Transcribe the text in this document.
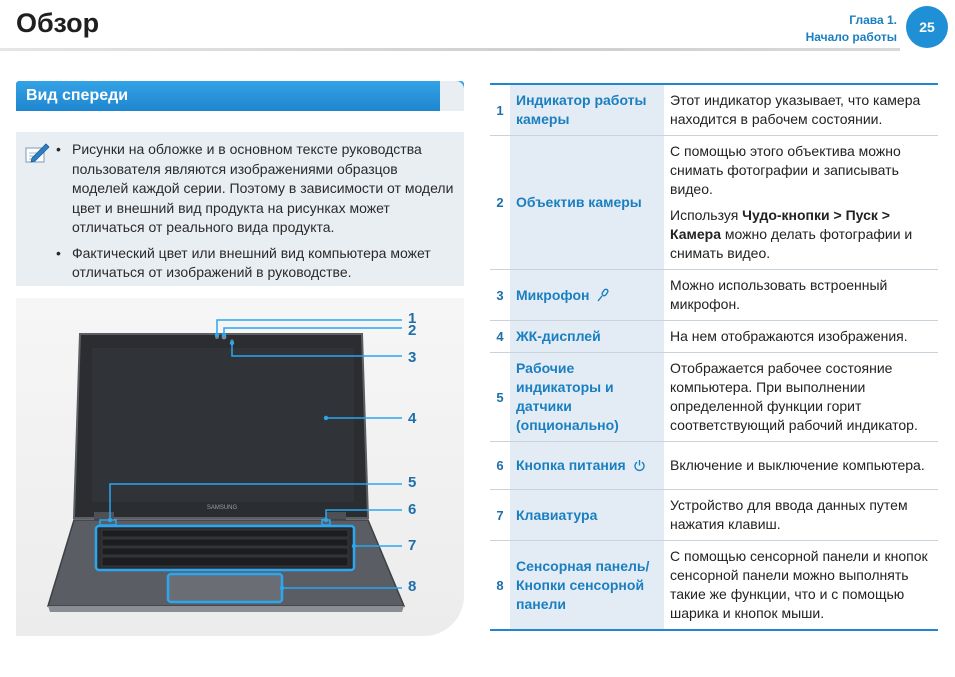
Обзор	Глава 1.
Начало работы
25
Вид спереди
• Рисунки на обложке и в основном тексте руководства пользователя являются изображениями образцов моделей каждой серии. Поэтому в зависимости от модели цвет и внешний вид продукта на рисунках может отличаться от реального вида продукта.
• Фактический цвет или внешний вид компьютера может отличаться от изображений в руководстве.
SAMSUNG
1
2
3
4
5
6
7
8
1	Индикатор работы камеры	Этот индикатор указывает, что камера находится в рабочем состоянии.

2	Объектив камеры	С помощью этого объектива можно снимать фотографии и записывать видео.

Используя Чудо-кнопки > Пуск > Камера можно делать фотографии и снимать видео.

3	Микрофон	Можно использовать встроенный микрофон.

4	ЖК-дисплей	На нем отображаются изображения.

5	Рабочие индикаторы и датчики (опционально)	Отображается рабочее состояние компьютера. При выполнении определенной функции горит соответствующий рабочий индикатор.

6	Кнопка питания	Включение и выключение компьютера.

7	Клавиатура	Устройство для ввода данных путем нажатия клавиш.

8	Сенсорная панель/ Кнопки сенсорной панели	С помощью сенсорной панели и кнопок сенсорной панели можно выполнять такие же функции, что и с помощью шарика и кнопок мыши.
